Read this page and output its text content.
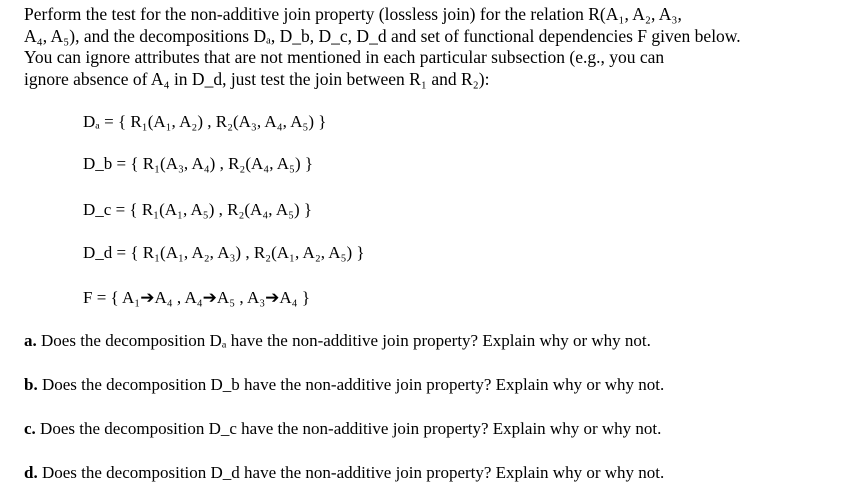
Perform the test for the non-additive join property (lossless join) for the relation R(A₁, A₂, A₃,
A₄, A₅), and the decompositions Dₐ, D_b, D_c, D_d and set of functional dependencies F given below.
You can ignore attributes that are not mentioned in each particular subsection (e.g., you can
ignore absence of A₄ in D_d, just test the join between R₁ and R₂):
Dₐ = { R₁(A₁, A₂) , R₂(A₃, A₄, A₅) }
D_b = { R₁(A₃, A₄) , R₂(A₄, A₅) }
D_c = { R₁(A₁, A₅) , R₂(A₄, A₅) }
D_d = { R₁(A₁, A₂, A₃) , R₂(A₁, A₂, A₅) }
F = { A₁➔A₄ , A₄➔A₅ , A₃➔A₄ }
a. Does the decomposition Dₐ have the non-additive join property? Explain why or why not.
b. Does the decomposition D_b have the non-additive join property? Explain why or why not.
c. Does the decomposition D_c have the non-additive join property? Explain why or why not.
d. Does the decomposition D_d have the non-additive join property? Explain why or why not.
